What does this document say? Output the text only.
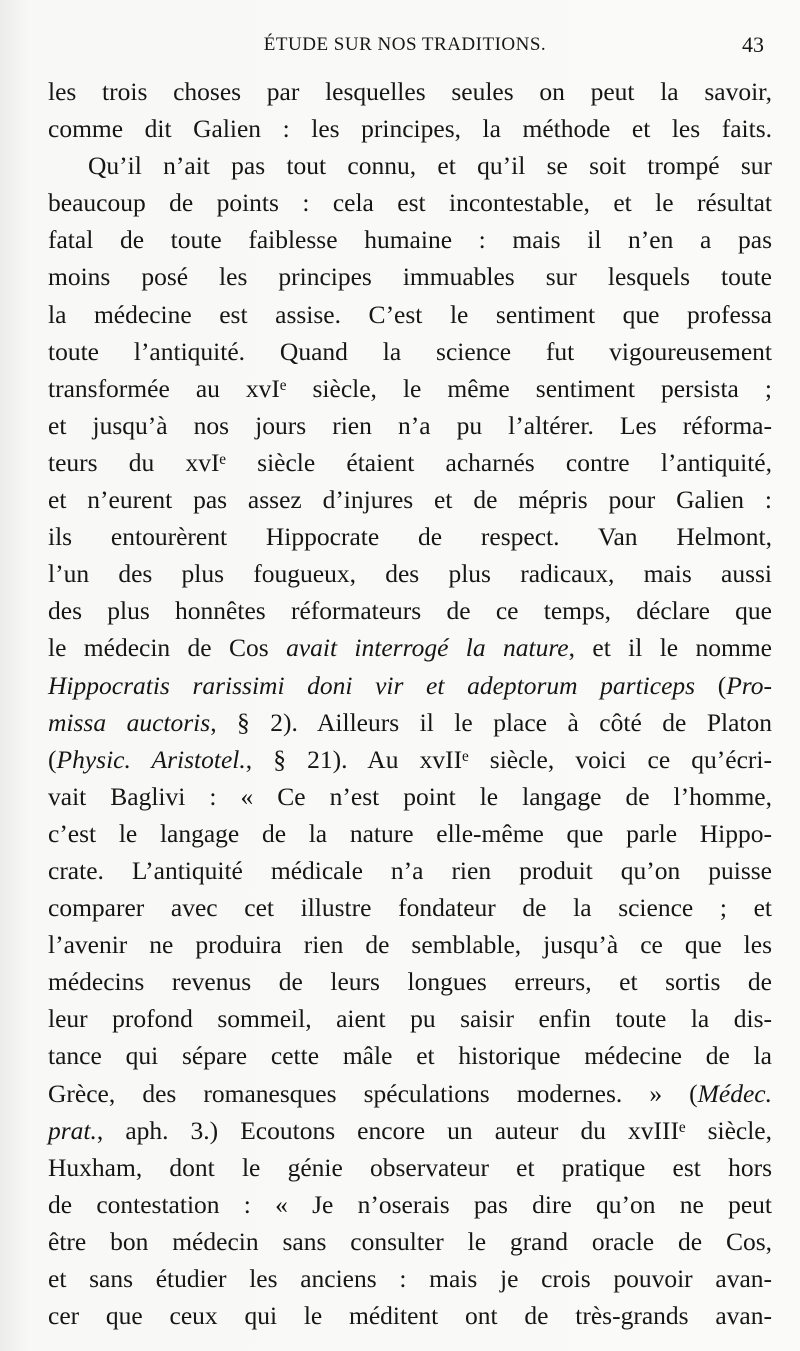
ÉTUDE SUR NOS TRADITIONS.	43
les trois choses par lesquelles seules on peut la savoir,
comme dit Galien : les principes, la méthode et les faits.
Qu’il n’ait pas tout connu, et qu’il se soit trompé sur
beaucoup de points : cela est incontestable, et le résultat
fatal de toute faiblesse humaine : mais il n’en a pas
moins posé les principes immuables sur lesquels toute
la médecine est assise. C’est le sentiment que professa
toute l’antiquité. Quand la science fut vigoureusement
transformée au xvIᵉ siècle, le même sentiment persista ;
et jusqu’à nos jours rien n’a pu l’altérer. Les réforma-
teurs du xvIᵉ siècle étaient acharnés contre l’antiquité,
et n’eurent pas assez d’injures et de mépris pour Galien :
ils entourèrent Hippocrate de respect. Van Helmont,
l’un des plus fougueux, des plus radicaux, mais aussi
des plus honnêtes réformateurs de ce temps, déclare que
le médecin de Cos avait interrogé la nature, et il le nomme
Hippocratis rarissimi doni vir et adeptorum particeps (Pro-
missa auctoris, § 2). Ailleurs il le place à côté de Platon
(Physic. Aristotel., § 21). Au xvIIᵉ siècle, voici ce qu’écri-
vait Baglivi : « Ce n’est point le langage de l’homme,
c’est le langage de la nature elle-même que parle Hippo-
crate. L’antiquité médicale n’a rien produit qu’on puisse
comparer avec cet illustre fondateur de la science ; et
l’avenir ne produira rien de semblable, jusqu’à ce que les
médecins revenus de leurs longues erreurs, et sortis de
leur profond sommeil, aient pu saisir enfin toute la dis-
tance qui sépare cette mâle et historique médecine de la
Grèce, des romanesques spéculations modernes. » (Médec.
prat., aph. 3.) Ecoutons encore un auteur du xvIIIᵉ siècle,
Huxham, dont le génie observateur et pratique est hors
de contestation : « Je n’oserais pas dire qu’on ne peut
être bon médecin sans consulter le grand oracle de Cos,
et sans étudier les anciens : mais je crois pouvoir avan-
cer que ceux qui le méditent ont de très-grands avan-
